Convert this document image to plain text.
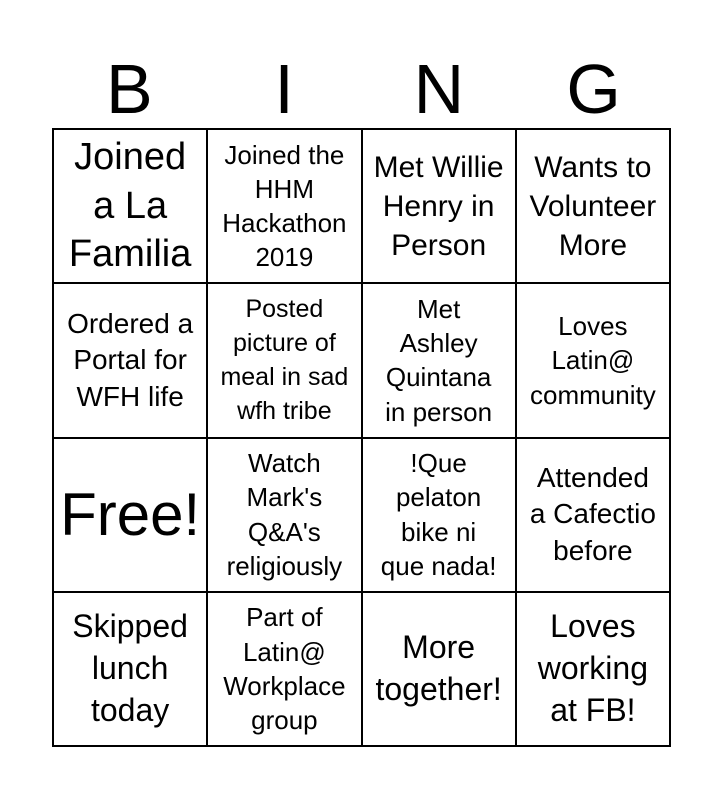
B	I	N	G
Joined
a La
Familia
Joined the
HHM
Hackathon
2019
Met Willie
Henry in
Person
Wants to
Volunteer
More
Ordered a
Portal for
WFH life
Posted
picture of
meal in sad
wfh tribe
Met
Ashley
Quintana
in person
Loves
Latin@
community
Free!
Watch
Mark's
Q&A's
religiously
!Que
pelaton
bike ni
que nada!
Attended
a Cafectio
before
Skipped
lunch
today
Part of
Latin@
Workplace
group
More
together!
Loves
working
at FB!
